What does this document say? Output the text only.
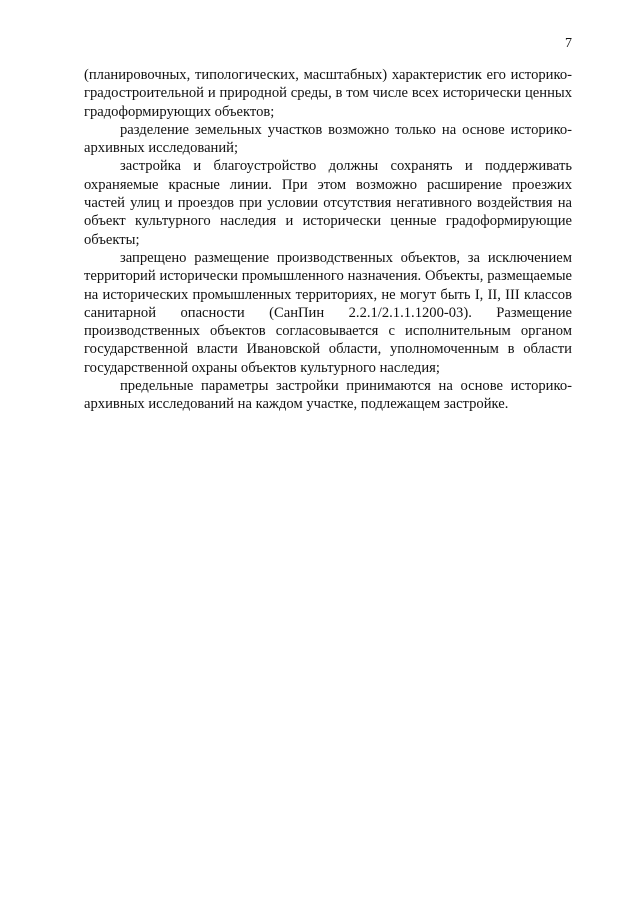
7

(планировочных, типологических, масштабных) характеристик его историко-градостроительной и природной среды, в том числе всех исторически ценных градоформирующих объектов;

разделение земельных участков возможно только на основе историко-архивных исследований;

застройка и благоустройство должны сохранять и поддерживать охраняемые красные линии. При этом возможно расширение проезжих частей улиц и проездов при условии отсутствия негативного воздействия на объект культурного наследия и исторически ценные градоформирующие объекты;

запрещено размещение производственных объектов, за исключением территорий исторически промышленного назначения. Объекты, размещаемые на исторических промышленных территориях, не могут быть I, II, III классов санитарной опасности (СанПин 2.2.1/2.1.1.1200-03). Размещение производственных объектов согласовывается с исполнительным органом государственной власти Ивановской области, уполномоченным в области государственной охраны объектов культурного наследия;

предельные параметры застройки принимаются на основе историко-архивных исследований на каждом участке, подлежащем застройке.
